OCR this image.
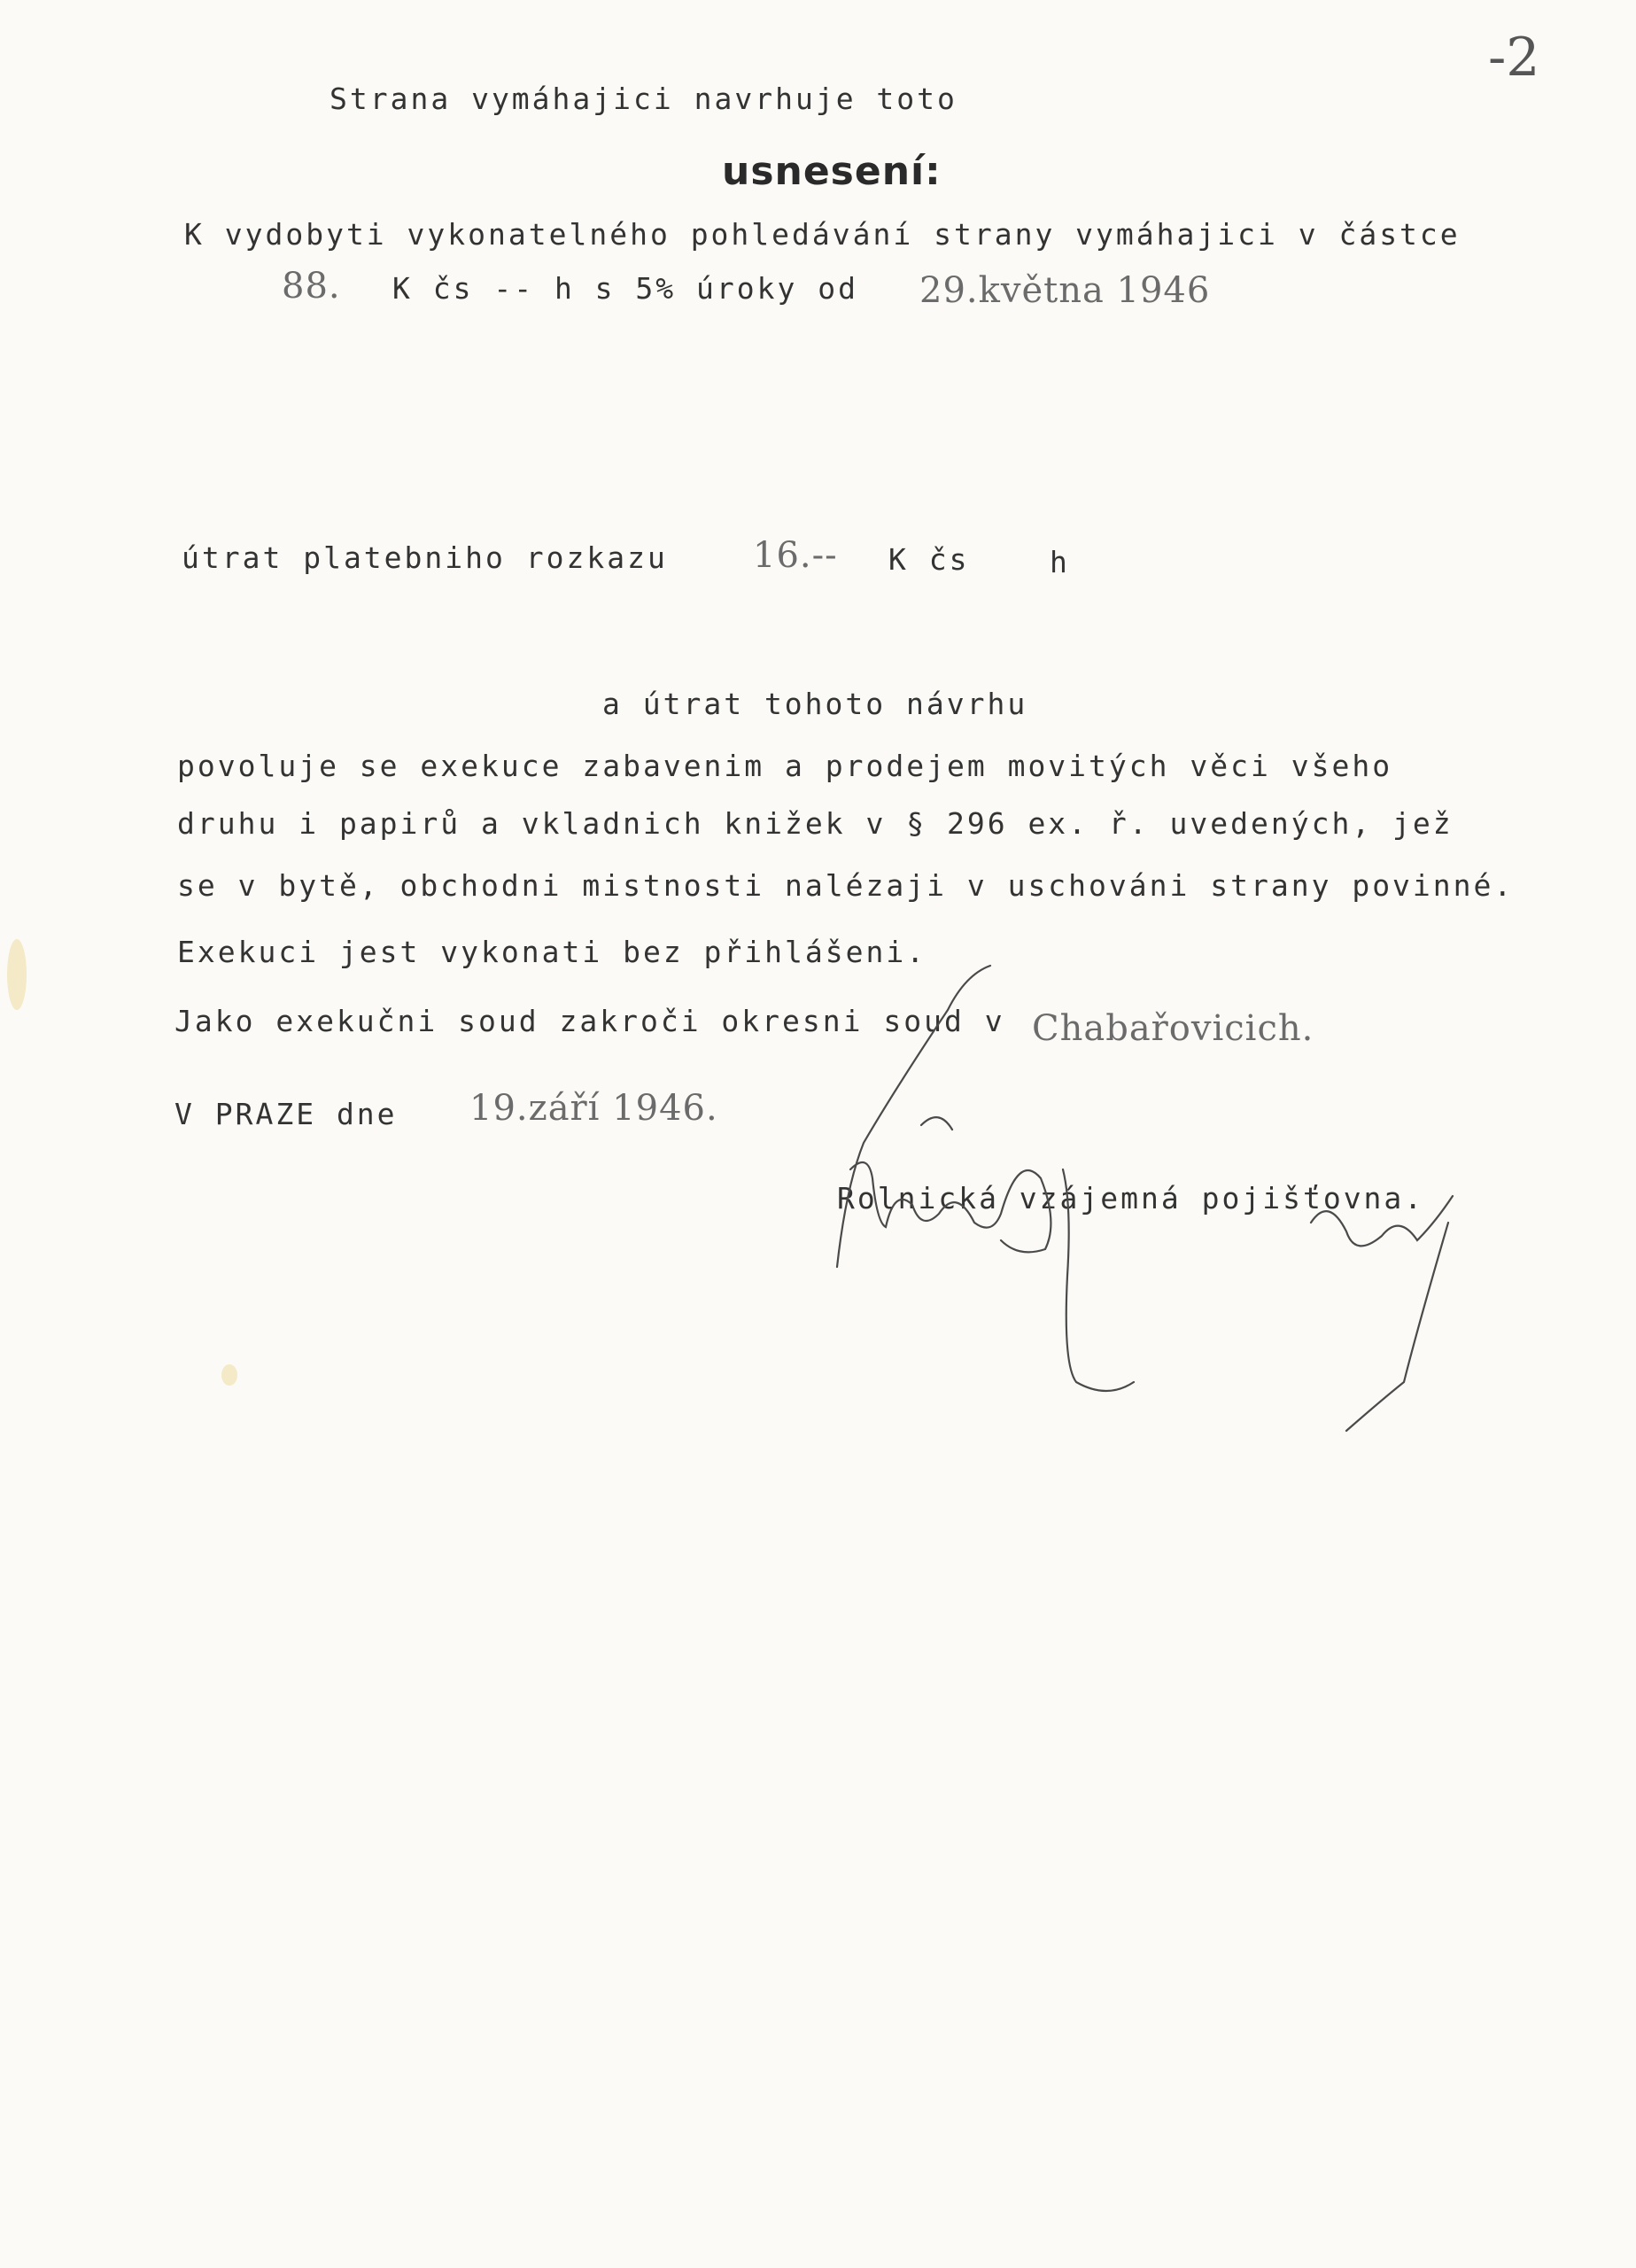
-2
Strana vymáhajici navrhuje toto
usnesení:
K vydobyti vykonatelného pohledávání strany vymáhajici v částce
88. K čs -- h s 5% úroky od 29.května 1946
útrat platebniho rozkazu 16.-- K čs	h
a útrat tohoto návrhu
povoluje se exekuce zabavenim a prodejem movitých věci všeho
druhu i papirů a vkladnich knižek v § 296 ex. ř. uvedených, jež
se v bytě, obchodni mistnosti nalézaji v uschováni strany povinné.
Exekuci jest vykonati bez přihlášeni.
Jako exekučni soud zakroči okresni soud v Chabařovicich.
V PRAZE dne 19.září 1946.
Rolnická vzájemná pojišťovna.
